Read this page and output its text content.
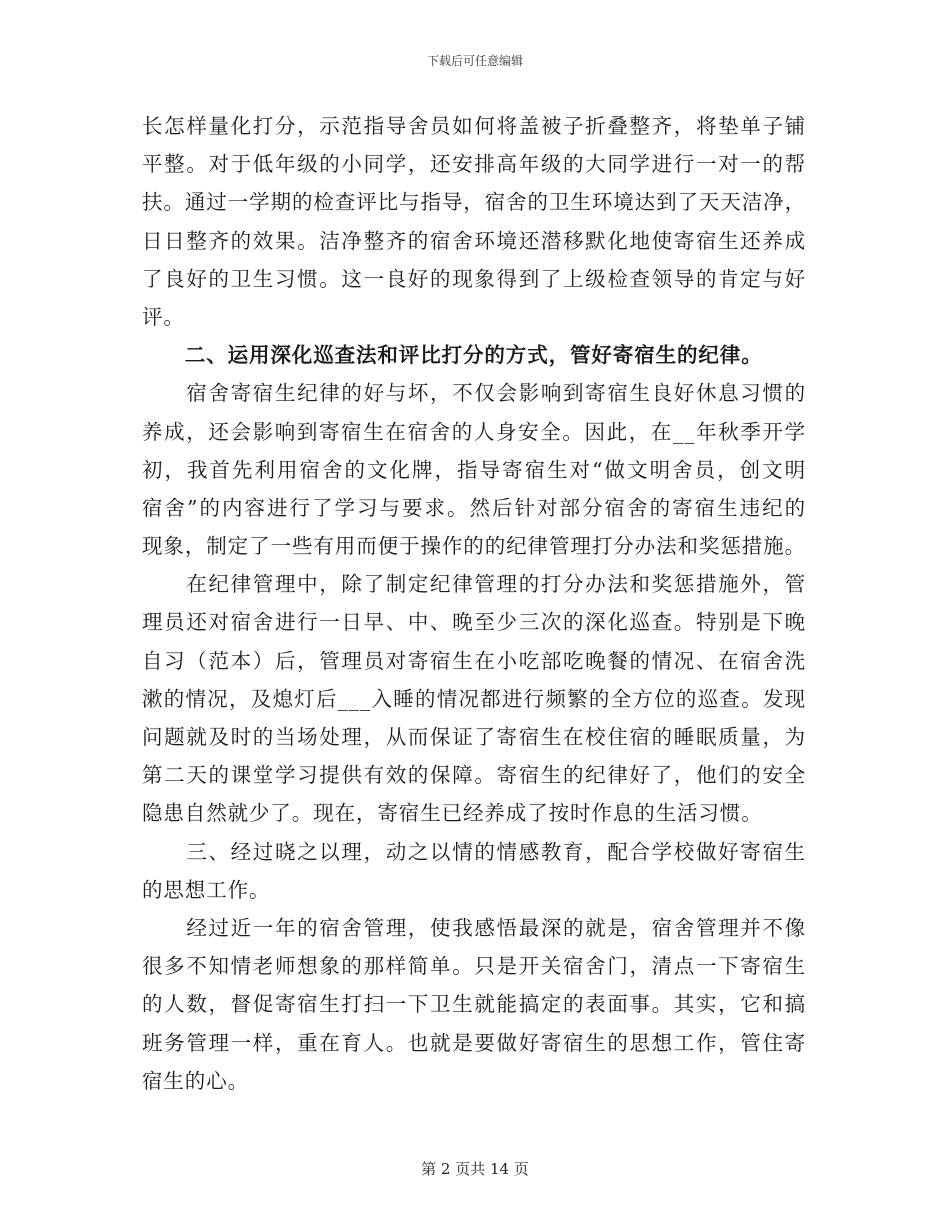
下载后可任意编辑
长怎样量化打分，示范指导舍员如何将盖被子折叠整齐，将垫单子铺
平整。对于低年级的小同学，还安排高年级的大同学进行一对一的帮
扶。通过一学期的检查评比与指导，宿舍的卫生环境达到了天天洁净，
日日整齐的效果。洁净整齐的宿舍环境还潜移默化地使寄宿生还养成
了良好的卫生习惯。这一良好的现象得到了上级检查领导的肯定与好
评。
　　二、运用深化巡查法和评比打分的方式，管好寄宿生的纪律。
　　宿舍寄宿生纪律的好与坏，不仅会影响到寄宿生良好休息习惯的
养成，还会影响到寄宿生在宿舍的人身安全。因此，在__年秋季开学
初，我首先利用宿舍的文化牌，指导寄宿生对“做文明舍员，创文明
宿舍”的内容进行了学习与要求。然后针对部分宿舍的寄宿生违纪的
现象，制定了一些有用而便于操作的的纪律管理打分办法和奖惩措施。
　　在纪律管理中，除了制定纪律管理的打分办法和奖惩措施外，管
理员还对宿舍进行一日早、中、晚至少三次的深化巡查。特别是下晚
自习（范本）后，管理员对寄宿生在小吃部吃晚餐的情况、在宿舍洗
漱的情况，及熄灯后___入睡的情况都进行频繁的全方位的巡查。发现
问题就及时的当场处理，从而保证了寄宿生在校住宿的睡眠质量，为
第二天的课堂学习提供有效的保障。寄宿生的纪律好了，他们的安全
隐患自然就少了。现在，寄宿生已经养成了按时作息的生活习惯。
　　三、经过晓之以理，动之以情的情感教育，配合学校做好寄宿生
的思想工作。
　　经过近一年的宿舍管理，使我感悟最深的就是，宿舍管理并不像
很多不知情老师想象的那样简单。只是开关宿舍门，清点一下寄宿生
的人数，督促寄宿生打扫一下卫生就能搞定的表面事。其实，它和搞
班务管理一样，重在育人。也就是要做好寄宿生的思想工作，管住寄
宿生的心。
第 2 页共 14 页
